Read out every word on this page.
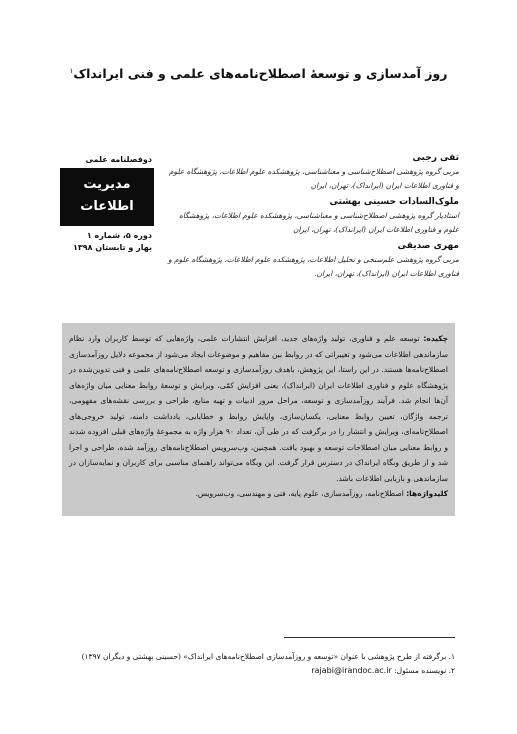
روز آمدسازی و توسعهٔ اصطلاح‌نامه‌های علمی و فنی ایرانداک$^۱$

دوفصلنامه علمی

مدیریت
اطلاعات

دوره ۵، شماره ۱

بهار و تابستان ۱۳۹۸

تقی رجبی

مربی گروه پژوهشی اصطلاح‌شناسی و معناشناسی، پژوهشکده علوم اطلاعات، پژوهشگاه علوم و فناوری اطلاعات ایران (ایرانداک)، تهران، ایران

ملوک‌السادات حسینی بهشتی

استادیار گروه پژوهشی اصطلاح‌شناسی و معناشناسی، پژوهشکده علوم اطلاعات، پژوهشگاه علوم و فناوری اطلاعات ایران (ایرانداک)، تهران، ایران

مهری صدیقی

مربی گروه پژوهشی علم‌سنجی و تحلیل اطلاعات، پژوهشکده علوم اطلاعات، پژوهشگاه علوم و فناوری اطلاعات ایران (ایرانداک)، تهران، ایران.

چکیده: توسعه علم و فناوری، تولید واژه‌های جدید، افزایش انتشارات علمی، واژه‌هایی که توسط کاربران وارد نظام سازماندهی اطلاعات می‌شود و تغییراتی که در روابط بین مفاهیم و موضوعات ایجاد می‌شود از مجموعه دلایل روزآمدسازی اصطلاح‌نامه‌ها هستند. در این راستا، این پژوهش، باهدف روزآمدسازی و توسعه اصطلاح‌نامه‌های علمی و فنی تدوین‌شده در پژوهشگاه علوم و فناوری اطلاعات ایران (ایرانداک)، یعنی افزایش کمّی، ویرایش و توسعهٔ روابط معنایی میان واژه‌های آن‌ها انجام شد. فرآیند روزآمدسازی و توسعه، مراحل مرور ادبیات و تهیه منابع، طراحی و بررسی نقشه‌های مفهومی، ترجمه واژگان، تعیین روابط معنایی، یکسان‌سازی، واپایش روابط و خطایابی، یادداشت دامنه، تولید خروجی‌های اصطلاح‌نامه‌ای، ویرایش و انتشار را در برگرفت که در طی آن، تعداد ۹۰ هزار واژه به مجموعهٔ واژه‌های قبلی افزوده شدند و روابط معنایی میان اصطلاحات توسعه و بهبود یافت. همچنین، وب‌سرویس اصطلاح‌نامه‌های روزآمد شده، طراحی و اجرا شد و از طریق وبگاه ایرانداک در دسترس قرار گرفت. این وبگاه می‌تواند راهنمای مناسبی برای کاربران و نمایه‌سازان در سازماندهی و بازیابی اطلاعات باشد.
کلیدواژه‌ها: اصطلاح‌نامه، روزآمدسازی، علوم پایه، فنی و مهندسی، وب‌سرویس.

۱. برگرفته از طرح پژوهشی با عنوان «توسعه و روزآمدسازی اصطلاح‌نامه‌های ایرانداک» (حسینی بهشتی و دیگران ۱۳۹۷)

۲. نویسنده مسئول: rajabi@irandoc.ac.ir
